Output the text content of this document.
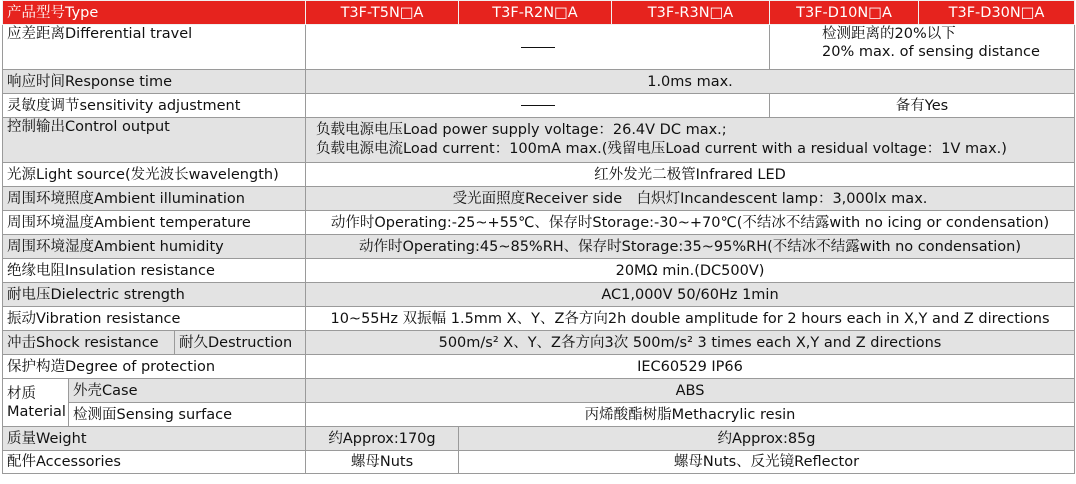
产品型号Type			T3F-T5N□A	T3F-R2N□A	T3F-R3N□A	T3F-D10N□A	T3F-D30N□A
应差距离Differential travel						检测距离的20%以下
20% max. of sensing distance	

响应时间Response time			1.0ms max.				
灵敏度调节sensitivity adjustment						备有Yes	
控制输出Control output			负载电源电压Load power supply voltage：26.4V DC max.;
负载电源电流Load current：100mA max.(残留电压Load current with a residual voltage：1V max.)				

光源Light source(发光波长wavelength)			红外发光二极管Infrared LED				
周围环境照度Ambient illumination			受光面照度Receiver side　白炽灯Incandescent lamp：3,000lx max.				
周围环境温度Ambient temperature			动作时Operating:-25~+55℃、保存时Storage:-30~+70℃(不结冰不结露with no icing or condensation)				
周围环境湿度Ambient humidity			动作时Operating:45~85%RH、保存时Storage:35~95%RH(不结冰不结露with no condensation)				
绝缘电阻Insulation resistance			20MΩ min.(DC500V)				
耐电压Dielectric strength			AC1,000V 50/60Hz 1min				
振动Vibration resistance			10~55Hz 双振幅 1.5mm X、Y、Z各方向2h double amplitude for 2 hours each in X,Y and Z directions				
冲击Shock resistance		耐久Destruction	500m/s² X、Y、Z各方向3次 500m/s² 3 times each X,Y and Z directions				
保护构造Degree of protection			IEC60529 IP66				

材质
Material	外壳Case		ABS				
	检测面Sensing surface		丙烯酸酯树脂Methacrylic resin				
质量Weight			约Approx:170g	约Approx:85g			
配件Accessories			螺母Nuts	螺母Nuts、反光镜Reflector			
